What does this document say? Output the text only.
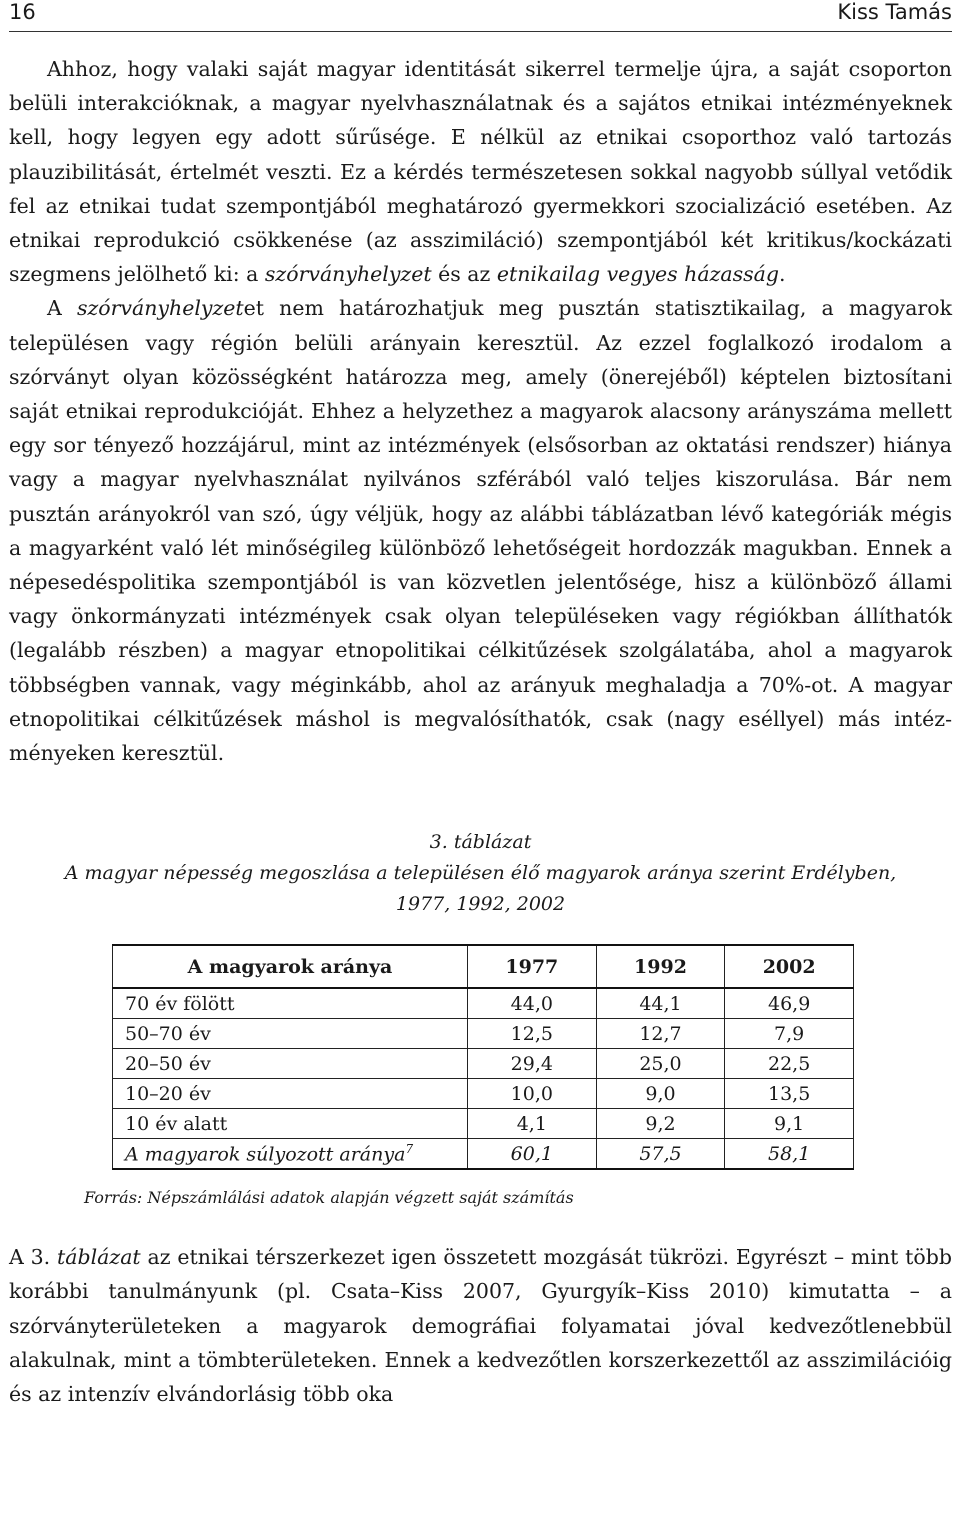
16	Kiss Tamás

Ahhoz, hogy valaki saját magyar identitását sikerrel termelje újra, a saját csoporton belüli interakcióknak, a magyar nyelvhasználatnak és a sajátos etnikai intézményeknek kell, hogy legyen egy adott sűrűsége. E nélkül az etnikai csoporthoz való tartozás plauzibilitását, értelmét veszti. Ez a kérdés természetesen sokkal nagyobb súllyal vetődik fel az etnikai tudat szempontjából meghatározó gyermekkori szocializáció esetében. Az etnikai reprodukció csökkenése (az asszimiláció) szempontjából két kritikus/kockázati szegmens jelölhető ki: a szórványhelyzet és az etnikailag vegyes házasság.

A szórványhelyzetet nem határozhatjuk meg pusztán statisztikailag, a magyarok településen vagy régión belüli arányain keresztül. Az ezzel foglalkozó irodalom a szórványt olyan közösségként határozza meg, amely (önerejéből) képtelen biztosítani saját etnikai reprodukcióját. Ehhez a helyzethez a magyarok alacsony arányszáma mellett egy sor tényező hozzájárul, mint az intézmények (elsősorban az oktatási rendszer) hiánya vagy a magyar nyelvhasználat nyilvános szférából való teljes kiszorulása. Bár nem pusztán arányokról van szó, úgy véljük, hogy az alábbi táblázatban lévő kategóriák mégis a magyarként való lét minőségileg különböző lehetőségeit hordozzák magukban. Ennek a népesedéspolitika szempontjából is van közvetlen jelentősége, hisz a különböző állami vagy önkormányzati intézmények csak olyan településeken vagy régiókban állíthatók (legalább részben) a magyar etnopolitikai célkitűzések szolgálatába, ahol a magyarok többségben vannak, vagy méginkább, ahol az arányuk meghaladja a 70%-ot. A magyar etnopolitikai célkitűzések máshol is megvalósíthatók, csak (nagy eséllyel) más intézményeken keresztül.

3. táblázat
A magyar népesség megoszlása a településen élő magyarok aránya szerint Erdélyben,
1977, 1992, 2002
A magyarok aránya	1977	1992	2002
70 év fölött	44,0	44,1	46,9
50–70 év	12,5	12,7	7,9
20–50 év	29,4	25,0	22,5
10–20 év	10,0	9,0	13,5
10 év alatt	4,1	9,2	9,1
A magyarok súlyozott aránya$^7$	60,1	57,5	58,1
Forrás: Népszámlálási adatok alapján végzett saját számítás

A 3. táblázat az etnikai térszerkezet igen összetett mozgását tükrözi. Egyrészt – mint több korábbi tanulmányunk (pl. Csata–Kiss 2007, Gyurgyík–Kiss 2010) kimutatta – a szórványterületeken a magyarok demográfiai folyamatai jóval kedvezőtlenebbül alakulnak, mint a tömbterületeken. Ennek a kedvezőtlen korszerkezettől az asszimilációig és az intenzív elvándorlásig több oka
